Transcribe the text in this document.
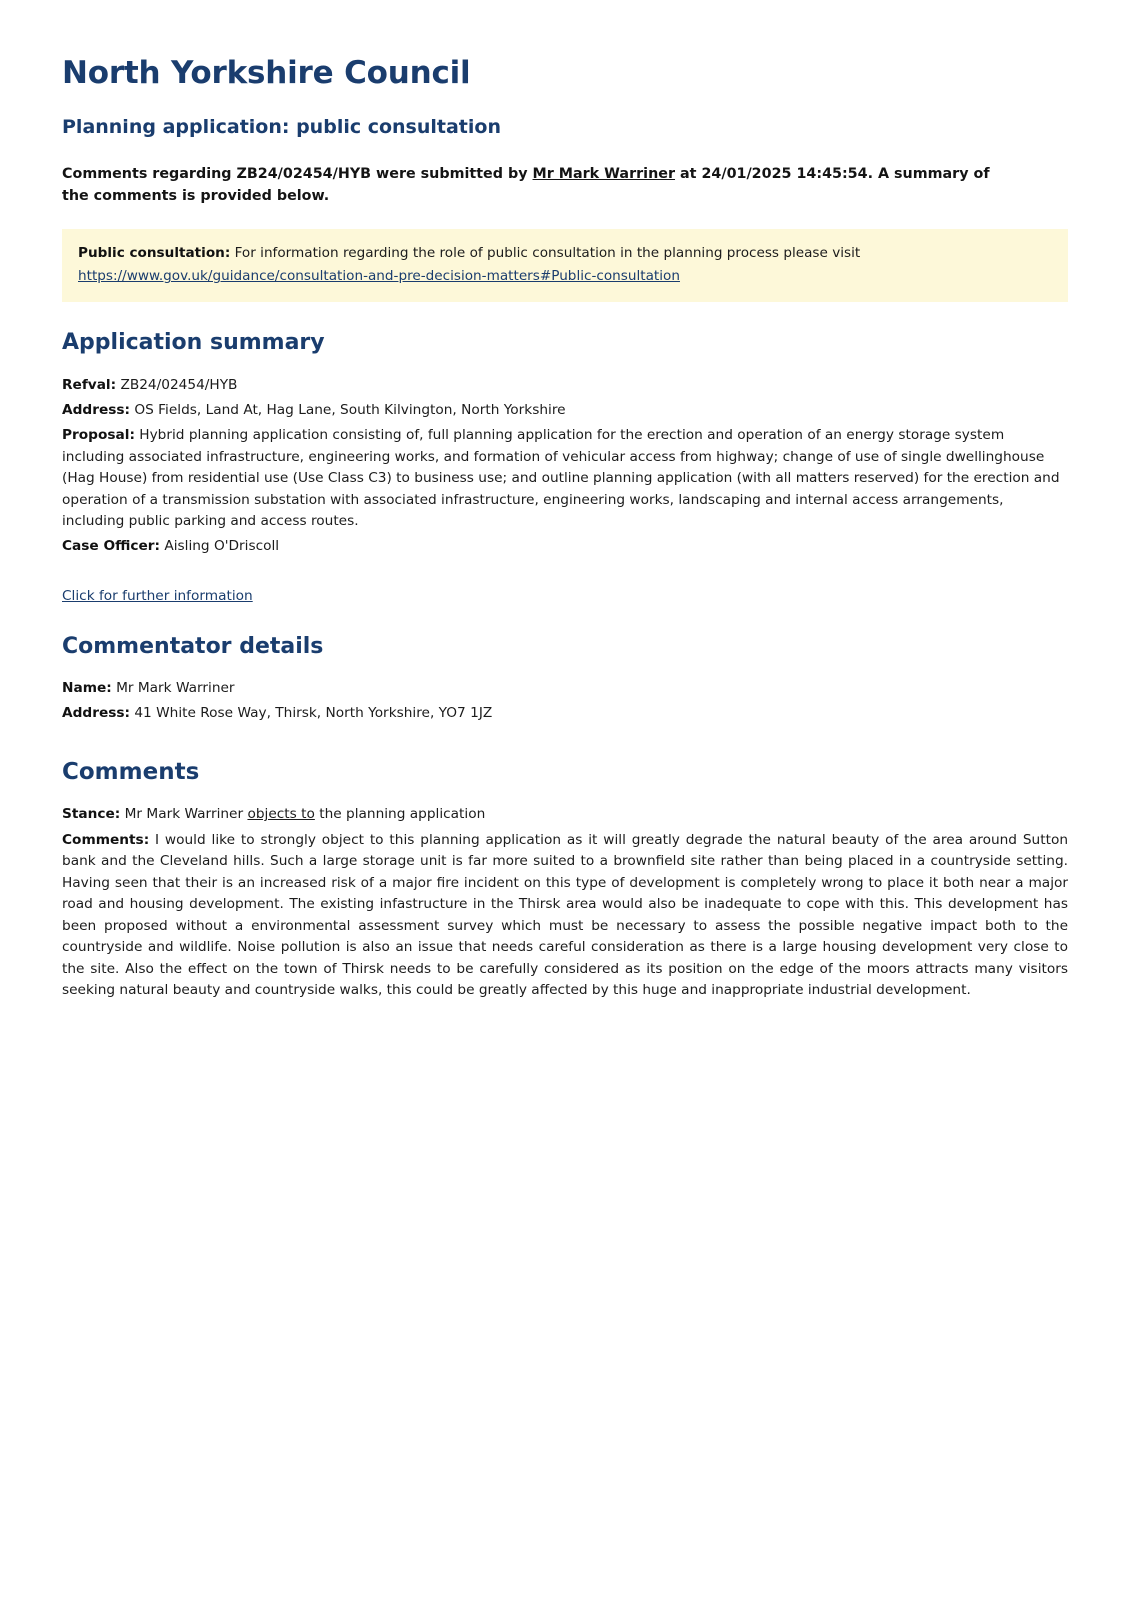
North Yorkshire Council
Planning application: public consultation

Comments regarding ZB24/02454/HYB were submitted by Mr Mark Warriner at 24/01/2025 14:45:54. A summary of the comments is provided below.

Public consultation: For information regarding the role of public consultation in the planning process please visit
https://www.gov.uk/guidance/consultation-and-pre-decision-matters#Public-consultation
Application summary
Refval: ZB24/02454/HYB
Address: OS Fields, Land At, Hag Lane, South Kilvington, North Yorkshire
Proposal: Hybrid planning application consisting of, full planning application for the erection and operation of an energy storage system including associated infrastructure, engineering works, and formation of vehicular access from highway; change of use of single dwellinghouse (Hag House) from residential use (Use Class C3) to business use; and outline planning application (with all matters reserved) for the erection and operation of a transmission substation with associated infrastructure, engineering works, landscaping and internal access arrangements, including public parking and access routes.
Case Officer: Aisling O'Driscoll
Click for further information
Commentator details
Name: Mr Mark Warriner
Address: 41 White Rose Way, Thirsk, North Yorkshire, YO7 1JZ
Comments
Stance: Mr Mark Warriner objects to the planning application

Comments: I would like to strongly object to this planning application as it will greatly degrade the natural beauty of the area around Sutton bank and the Cleveland hills. Such a large storage unit is far more suited to a brownfield site rather than being placed in a countryside setting. Having seen that their is an increased risk of a major fire incident on this type of development is completely wrong to place it both near a major road and housing development. The existing infastructure in the Thirsk area would also be inadequate to cope with this. This development has been proposed without a environmental assessment survey which must be necessary to assess the possible negative impact both to the countryside and wildlife. Noise pollution is also an issue that needs careful consideration as there is a large housing development very close to the site. Also the effect on the town of Thirsk needs to be carefully considered as its position on the edge of the moors attracts many visitors seeking natural beauty and countryside walks, this could be greatly affected by this huge and inappropriate industrial development.
